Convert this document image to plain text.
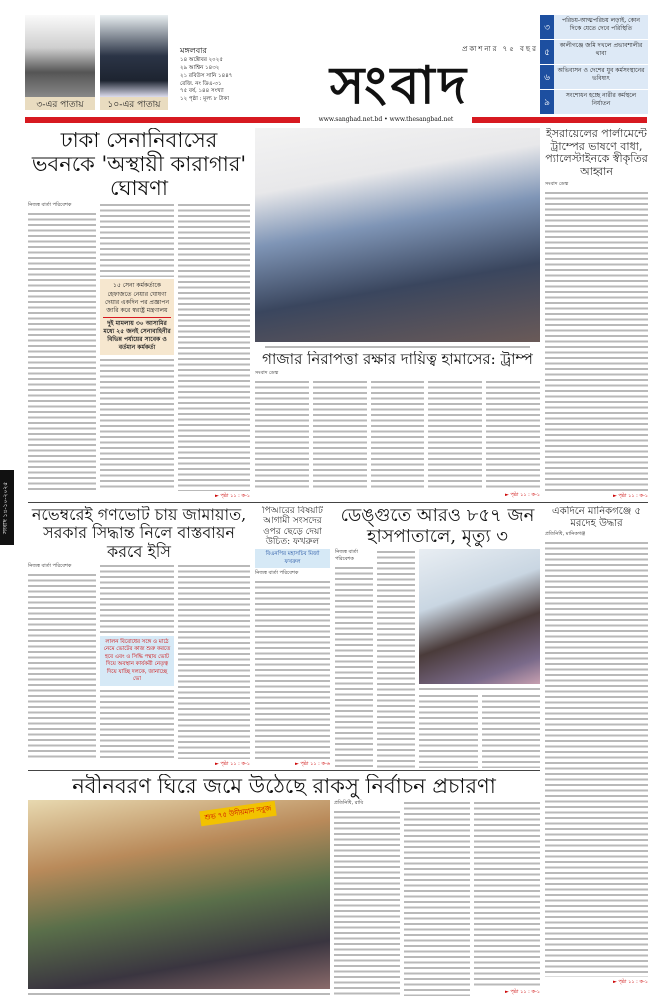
৩-এর পাতায়	১০-এর পাতায়
মঙ্গলবার
১৪ অক্টোবর ২০২৫
২৯ আশ্বিন ১৪৩২
২১ রবিউস সানি ১৪৪৭
রেজি. নং ডিএ-৩১
৭৫ বর্ষ, ১৪৪ সংখ্যা
১২ পৃষ্ঠা : মূল্য ৮ টাকা
প্রকাশনার ৭৫ বছর
সংবাদ
৩
পরিচয়-আত্মপরিচয় লড়াই, কোন দিকে যেতে দেবে পরিস্থিতি
৫
কালীগঞ্জে জমি দখলে প্রভাবশালীর থাবা
৬
অভিবাসন ও দেশের যুব কর্মসংস্থানের ভবিষ্যৎ
৯
সংশোধন হচ্ছে নারীর কর্মস্থলে নির্যাতন
www.sanghad.net.bd • www.thesangbad.net
সংবাদ ১৪-১০-২০২৫
ঢাকা সেনানিবাসের ভবনকে 'অস্থায়ী কারাগার' ঘোষণা
নিজস্ব বার্তা পরিবেশক
১৫ সেনা কর্মকর্তাকে হেফাজতে নেয়ার ঘোষণা দেয়ার একদিন পর প্রজ্ঞাপন জারি করে স্বরাষ্ট্র মন্ত্রণালয়
দুই মামলায় ৩০ আসামির মধ্যে ২৫ জনই সেনাবাহিনীর বিভিন্ন পর্যায়ের সাবেক ও বর্তমান কর্মকর্তা
► পৃষ্ঠা ১১ : ক-১
গাজার নিরাপত্তা রক্ষার দায়িত্ব হামাসের: ট্রাম্প
সংবাদ ডেস্ক
► পৃষ্ঠা ১১ : ক-১
ইসরায়েলের পার্লামেন্টে ট্রাম্পের ভাষণে বাধা, প্যালেস্টাইনকে স্বীকৃতির আহ্বান
সংবাদ ডেস্ক
► পৃষ্ঠা ১১ : ক-১
নভেম্বরেই গণভোট চায় জামায়াত, সরকার সিদ্ধান্ত নিলে বাস্তবায়ন করবে ইসি
নিজস্ব বার্তা পরিবেশক
লালন বিরোধের সঙ্গে ও মাঠে নেমে ভোটের কাজ শুরু করতে হবে এবং ও সিদ্ধি পন্থায় ভোট দিয়ে অবস্থান কার্যকরী নেতৃত্ব দিয়ে যাচ্ছি দলকে, জানাচ্ছে ভো
► পৃষ্ঠা ১১ : ক-১
পিআরের বিষয়টি আগামী সংসদের ওপর ছেড়ে দেয়া উচিত: ফখরুল
বিএনপির মহাসচিব মির্জা ফখরুল
নিজস্ব বার্তা পরিবেশক
► পৃষ্ঠা ১১ : ক-৬
ডেঙ্গুতে আরও ৮৫৭ জন হাসপাতালে, মৃত্যু ৩
নিজস্ব বার্তা পরিবেশক
একদিনে মানিকগঞ্জে ৫ মরদেহ উদ্ধার
প্রতিনিধি, মানিকগঞ্জ
► পৃষ্ঠা ১১ : ক-১
নবীনবরণ ঘিরে জমে উঠেছে রাকসু নির্বাচন প্রচারণা
শুভ ৭৫ উদীয়মান সবুজ
প্রতিনিধি, রাবি
► পৃষ্ঠা ১১ : ক-১
